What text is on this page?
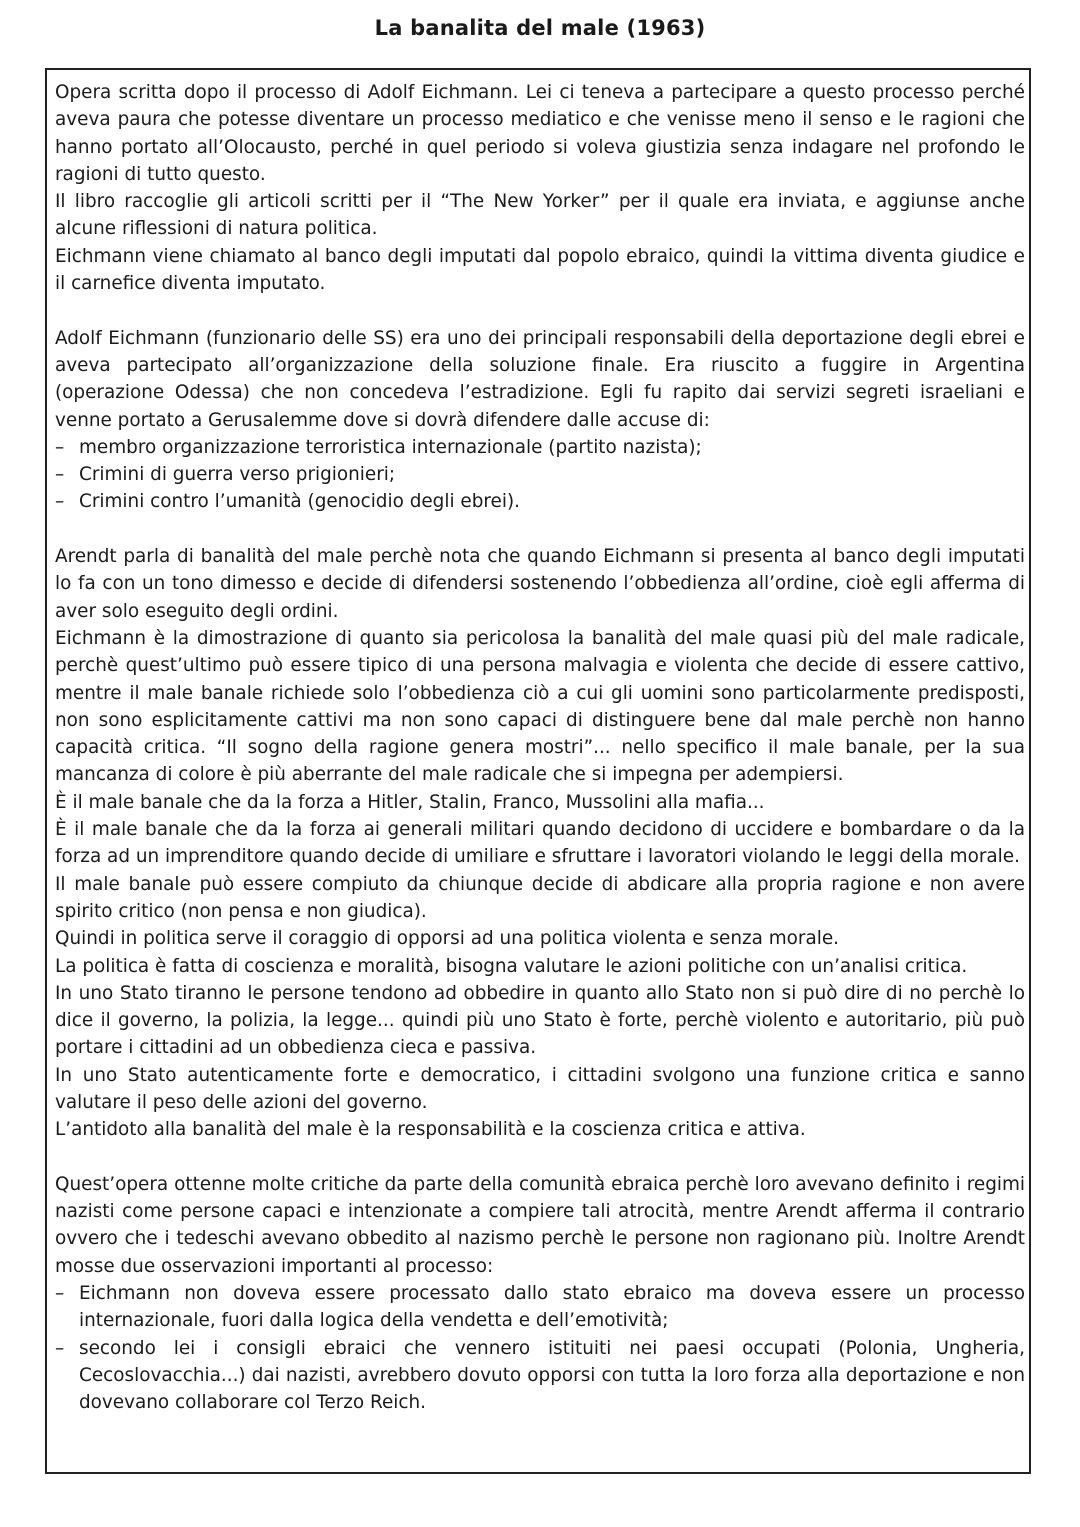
La banalita del male (1963)

Opera scritta dopo il processo di Adolf Eichmann. Lei ci teneva a partecipare a questo processo perché aveva paura che potesse diventare un processo mediatico e che venisse meno il senso e le ragioni che hanno portato all’Olocausto, perché in quel periodo si voleva giustizia senza indagare nel profondo le ragioni di tutto questo.

Il libro raccoglie gli articoli scritti per il “The New Yorker” per il quale era inviata, e aggiunse anche alcune riflessioni di natura politica.

Eichmann viene chiamato al banco degli imputati dal popolo ebraico, quindi la vittima diventa giudice e il carnefice diventa imputato.

Adolf Eichmann (funzionario delle SS) era uno dei principali responsabili della deportazione degli ebrei e aveva partecipato all’organizzazione della soluzione finale. Era riuscito a fuggire in Argentina (operazione Odessa) che non concedeva l’estradizione. Egli fu rapito dai servizi segreti israeliani e venne portato a Gerusalemme dove si dovrà difendere dalle accuse di:

– membro organizzazione terroristica internazionale (partito nazista);
– Crimini di guerra verso prigionieri;
– Crimini contro l’umanità (genocidio degli ebrei).

Arendt parla di banalità del male perchè nota che quando Eichmann si presenta al banco degli imputati lo fa con un tono dimesso e decide di difendersi sostenendo l’obbedienza all’ordine, cioè egli afferma di aver solo eseguito degli ordini.

Eichmann è la dimostrazione di quanto sia pericolosa la banalità del male quasi più del male radicale, perchè quest’ultimo può essere tipico di una persona malvagia e violenta che decide di essere cattivo, mentre il male banale richiede solo l’obbedienza ciò a cui gli uomini sono particolarmente predisposti, non sono esplicitamente cattivi ma non sono capaci di distinguere bene dal male perchè non hanno capacità critica. “Il sogno della ragione genera mostri”... nello specifico il male banale, per la sua mancanza di colore è più aberrante del male radicale che si impegna per adempiersi.

È il male banale che da la forza a Hitler, Stalin, Franco, Mussolini alla mafia...

È il male banale che da la forza ai generali militari quando decidono di uccidere e bombardare o da la forza ad un imprenditore quando decide di umiliare e sfruttare i lavoratori violando le leggi della morale.

Il male banale può essere compiuto da chiunque decide di abdicare alla propria ragione e non avere spirito critico (non pensa e non giudica).

Quindi in politica serve il coraggio di opporsi ad una politica violenta e senza morale.

La politica è fatta di coscienza e moralità, bisogna valutare le azioni politiche con un’analisi critica.

In uno Stato tiranno le persone tendono ad obbedire in quanto allo Stato non si può dire di no perchè lo dice il governo, la polizia, la legge... quindi più uno Stato è forte, perchè violento e autoritario, più può portare i cittadini ad un obbedienza cieca e passiva.

In uno Stato autenticamente forte e democratico, i cittadini svolgono una funzione critica e sanno valutare il peso delle azioni del governo.

L’antidoto alla banalità del male è la responsabilità e la coscienza critica e attiva.

Quest’opera ottenne molte critiche da parte della comunità ebraica perchè loro avevano definito i regimi nazisti come persone capaci e intenzionate a compiere tali atrocità, mentre Arendt afferma il contrario ovvero che i tedeschi avevano obbedito al nazismo perchè le persone non ragionano più. Inoltre Arendt mosse due osservazioni importanti al processo:

– Eichmann non doveva essere processato dallo stato ebraico ma doveva essere un processo internazionale, fuori dalla logica della vendetta e dell’emotività;
– secondo lei i consigli ebraici che vennero istituiti nei paesi occupati (Polonia, Ungheria, Cecoslovacchia...) dai nazisti, avrebbero dovuto opporsi con tutta la loro forza alla deportazione e non dovevano collaborare col Terzo Reich.
